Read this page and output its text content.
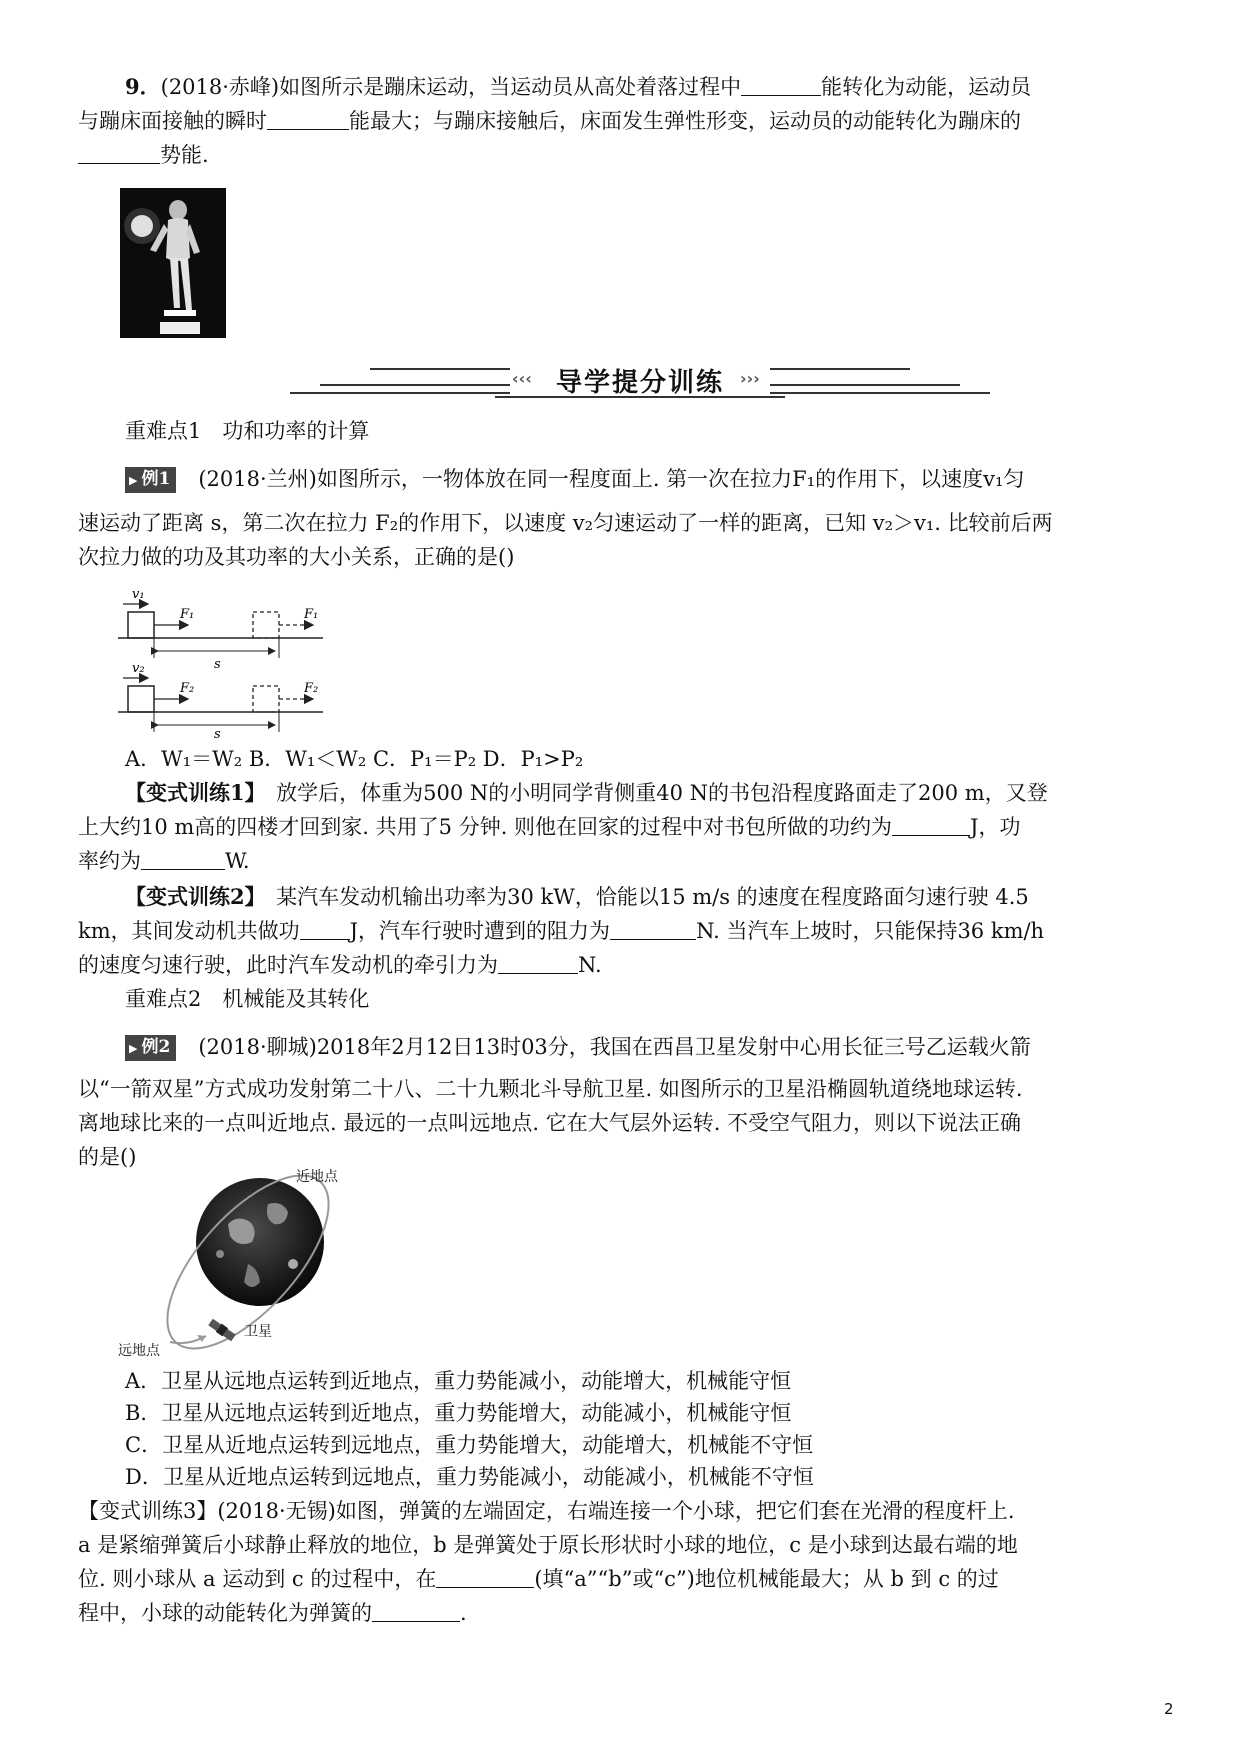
9．(2018·赤峰)如图所示是蹦床运动，当运动员从高处着落过程中	能转化为动能，运动员
与蹦床面接触的瞬时	能最大；与蹦床接触后，床面发生弹性形变，运动员的动能转化为蹦床的
势能.
‹‹‹ 导学提分训练	›››
重难点1　功和功率的计算
▶ 例1 (2018·兰州)如图所示，一物体放在同一程度面上. 第一次在拉力F₁的作用下，以速度v₁匀
速运动了距离 s，第二次在拉力 F₂的作用下，以速度 v₂匀速运动了一样的距离，已知 v₂＞v₁. 比较前后两
次拉力做的功及其功率的大小关系，正确的是()
v₁
F₁	F₁
s
v₂
F₂	F₂
s
A．W₁＝W₂ B．W₁＜W₂ C．P₁＝P₂ D．P₁>P₂
【变式训练1】　 放学后，体重为500 N的小明同学背侧重40 N的书包沿程度路面走了200 m，又登
上大约10 m高的四楼才回到家. 共用了5 分钟. 则他在回家的过程中对书包所做的功约为	J，功
率约为	W.
【变式训练2】　 某汽车发动机输出功率为30 kW，恰能以15 m/s 的速度在程度路面匀速行驶 4.5
km，其间发动机共做功 J，汽车行驶时遭到的阻力为	N. 当汽车上坡时，只能保持36 km/h
的速度匀速行驶，此时汽车发动机的牵引力为	N.
重难点2　机械能及其转化
▶ 例2 (2018·聊城)2018年2月12日13时03分，我国在西昌卫星发射中心用长征三号乙运载火箭
以“一箭双星”方式成功发射第二十八、二十九颗北斗导航卫星. 如图所示的卫星沿椭圆轨道绕地球运转.
离地球比来的一点叫近地点. 最远的一点叫远地点. 它在大气层外运转. 不受空气阻力，则以下说法正确
的是()
近地点
卫星
远地点
A．卫星从远地点运转到近地点，重力势能减小，动能增大，机械能守恒
B．卫星从远地点运转到近地点，重力势能增大，动能减小，机械能守恒
C．卫星从近地点运转到远地点，重力势能增大，动能增大，机械能不守恒
D．卫星从近地点运转到远地点，重力势能减小，动能减小，机械能不守恒
【变式训练3】(2018·无锡)如图，弹簧的左端固定，右端连接一个小球，把它们套在光滑的程度杆上.
a 是紧缩弹簧后小球静止释放的地位，b 是弹簧处于原长形状时小球的地位，c 是小球到达最右端的地
位. 则小球从 a 运动到 c 的过程中，在	(填“a”“b”或“c”)地位机械能最大；从 b 到 c 的过
程中，小球的动能转化为弹簧的	.
2
